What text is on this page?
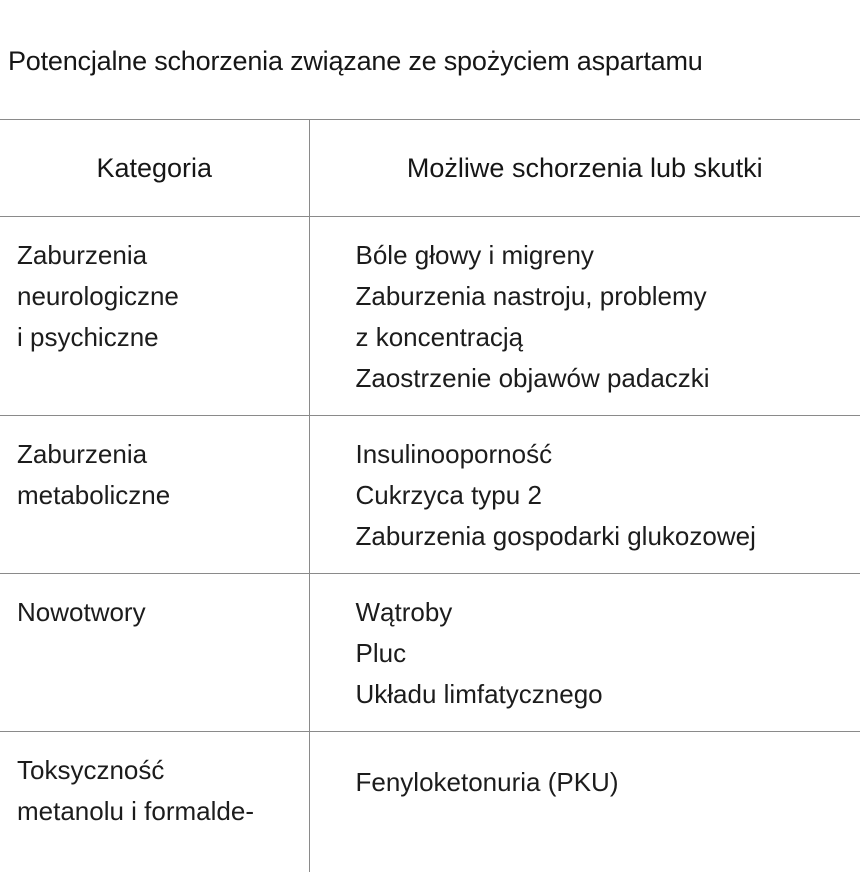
Potencjalne schorzenia związane ze spożyciem aspartamu
Kategoria	Możliwe schorzenia lub skutki

Zaburzenia
neurologiczne
i psychiczne	Bóle głowy i migreny
Zaburzenia nastroju, problemy
z koncentracją
Zaostrzenie objawów padaczki

Zaburzenia
metaboliczne	Insulinooporność
Cukrzyca typu 2
Zaburzenia gospodarki glukozowej

Nowotwory	Wątroby
Pluc
Układu limfatycznego

Toksyczność
metanolu i formalde-	Fenyloketonuria (PKU)
